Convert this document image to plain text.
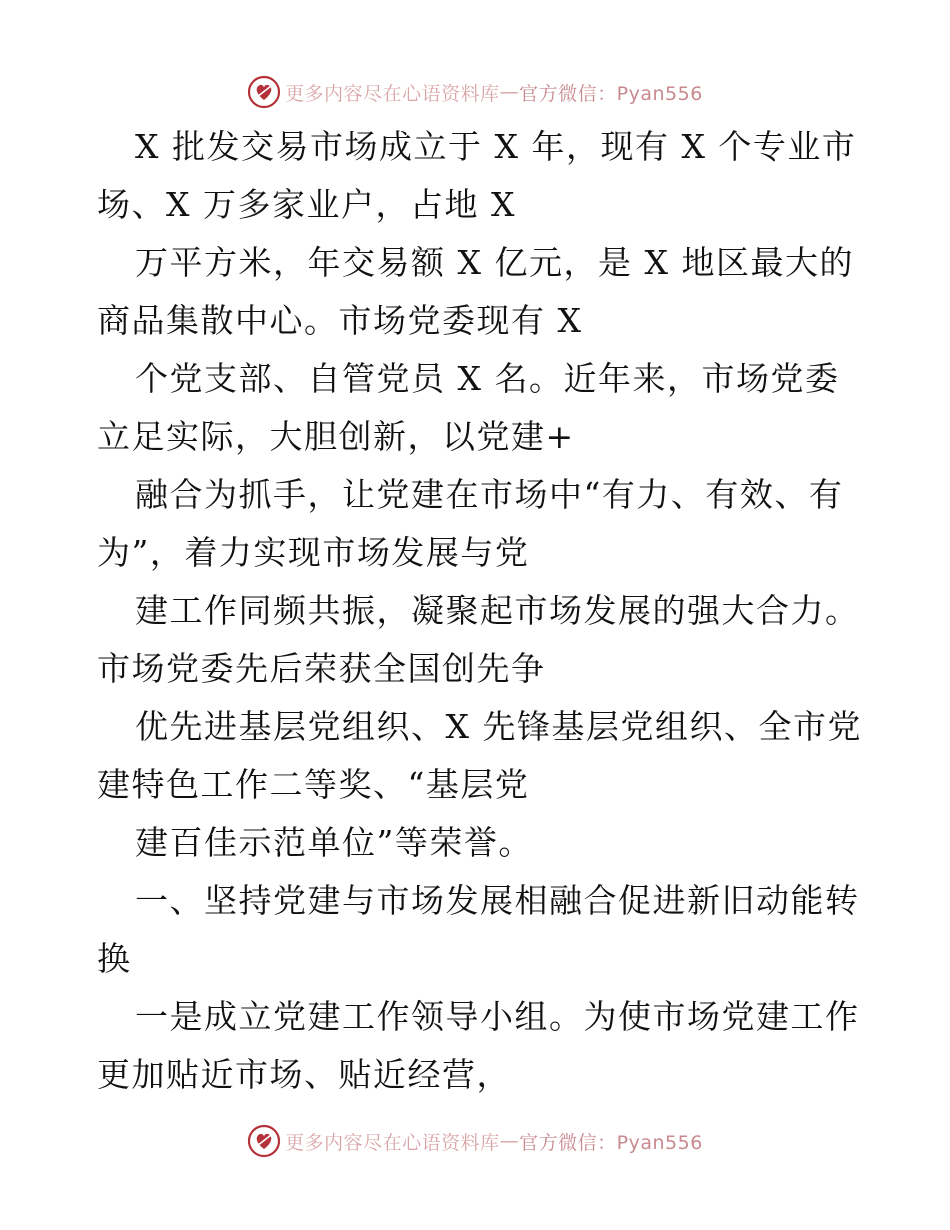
更多内容尽在心语资料库 — 官方微信：Pyan556
X 批发交易市场成立于 X 年，现有 X 个专业市
场、X 万多家业户，占地 X
万平方米，年交易额 X 亿元，是 X 地区最大的
商品集散中心。市场党委现有 X
个党支部、自管党员 X 名。近年来，市场党委
立足实际，大胆创新，以党建+
融合为抓手，让党建在市场中“有力、有效、有
为”，着力实现市场发展与党
建工作同频共振，凝聚起市场发展的强大合力。
市场党委先后荣获全国创先争
优先进基层党组织、X 先锋基层党组织、全市党
建特色工作二等奖、“基层党
建百佳示范单位”等荣誉。
一、坚持党建与市场发展相融合促进新旧动能转
换
一是成立党建工作领导小组。为使市场党建工作
更加贴近市场、贴近经营，
更多内容尽在心语资料库 — 官方微信：Pyan556
